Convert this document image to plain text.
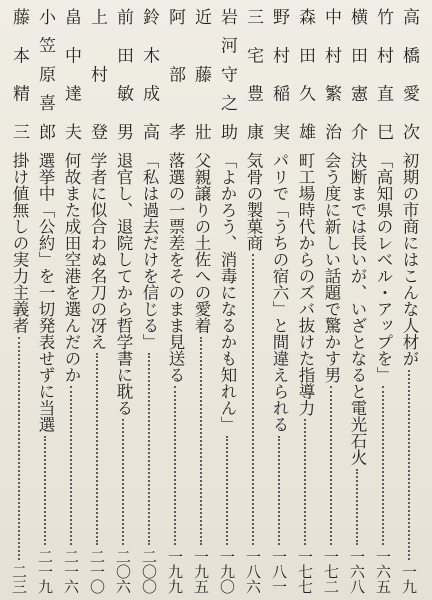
高橋愛次
初期の市商にはこんな人材が
一九
竹村直巳
「高知県のレベル・アップを」
一六五
横田憲介
決断までは長いが、いざとなると電光石火
一六八
中村繁治
会う度に新しい話題で驚かす男
一七二
森田久雄
町工場時代からのズバ抜けた指導力
一七七
野村稲実
パリで「うちの宿六」と間違えられる
一八一
三宅豊康
気骨の製菓商
一八六
岩河守之助
「よかろう、消毒になるかも知れん」
一九〇
近藤壯
父親譲りの土佐への愛着
一九五
阿部孝
落選の一票差をそのまま見送る
一九九
鈴木成高
「私は過去だけを信じる」
二〇〇
前田敏男
退官し、退院してから哲学書に耽る
二〇六
上村登
学者に似合わぬ名刀の冴え
二一〇
畠中達夫
何故また成田空港を選んだのか
二一六
小笠原喜郎
選挙中「公約」を一切発表せずに当選
二一九
藤本精三
掛け値無しの実力主義者
二三
